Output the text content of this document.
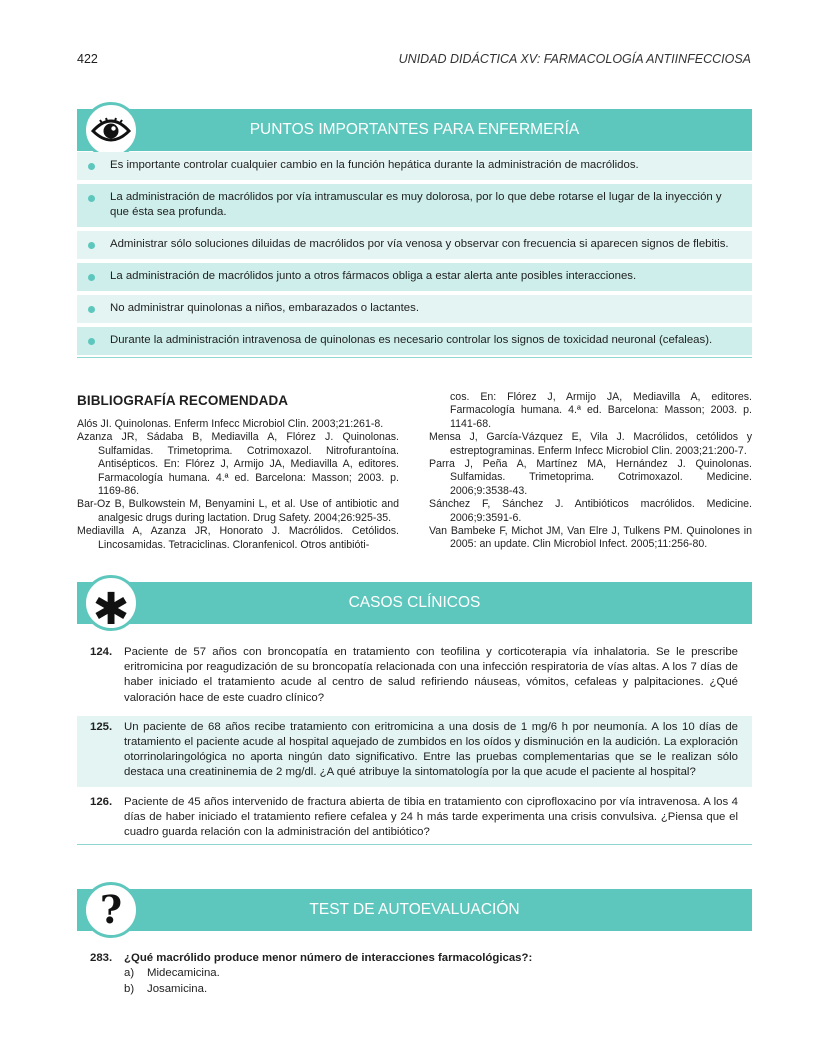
422	UNIDAD DIDÁCTICA XV: FARMACOLOGÍA ANTIINFECCIOSA
PUNTOS IMPORTANTES PARA ENFERMERÍA
Es importante controlar cualquier cambio en la función hepática durante la administración de macrólidos.
La administración de macrólidos por vía intramuscular es muy dolorosa, por lo que debe rotarse el lugar de la inyección y que ésta sea profunda.
Administrar sólo soluciones diluidas de macrólidos por vía venosa y observar con frecuencia si aparecen signos de flebitis.
La administración de macrólidos junto a otros fármacos obliga a estar alerta ante posibles interacciones.
No administrar quinolonas a niños, embarazados o lactantes.
Durante la administración intravenosa de quinolonas es necesario controlar los signos de toxicidad neuronal (cefaleas).
BIBLIOGRAFÍA RECOMENDADA

Alós JI. Quinolonas. Enferm Infecc Microbiol Clin. 2003;21:261-8.

Azanza JR, Sádaba B, Mediavilla A, Flórez J. Quinolonas. Sulfamidas. Trimetoprima. Cotrimoxazol. Nitrofurantoína. Antisépticos. En: Flórez J, Armijo JA, Mediavilla A, editores. Farmacología humana. 4.ª ed. Barcelona: Masson; 2003. p. 1169-86.

Bar-Oz B, Bulkowstein M, Benyamini L, et al. Use of antibiotic and analgesic drugs during lactation. Drug Safety. 2004;26:925-35.

Mediavilla A, Azanza JR, Honorato J. Macrólidos. Cetólidos. Lincosamidas. Tetraciclinas. Cloranfenicol. Otros antibióti-

cos. En: Flórez J, Armijo JA, Mediavilla A, editores. Farmacología humana. 4.ª ed. Barcelona: Masson; 2003. p. 1141-68.

Mensa J, García-Vázquez E, Vila J. Macrólidos, cetólidos y estreptograminas. Enferm Infecc Microbiol Clin. 2003;21:200-7.

Parra J, Peña A, Martínez MA, Hernández J. Quinolonas. Sulfamidas. Trimetoprima. Cotrimoxazol. Medicine. 2006;9:3538-43.

Sánchez F, Sánchez J. Antibióticos macrólidos. Medicine. 2006;9:3591-6.

Van Bambeke F, Michot JM, Van Elre J, Tulkens PM. Quinolones in 2005: an update. Clin Microbiol Infect. 2005;11:256-80.

CASOS CLÍNICOS
✱
124. Paciente de 57 años con broncopatía en tratamiento con teofilina y corticoterapia vía inhalatoria. Se le prescribe eritromicina por reagudización de su broncopatía relacionada con una infección respiratoria de vías altas. A los 7 días de haber iniciado el tratamiento acude al centro de salud refiriendo náuseas, vómitos, cefaleas y palpitaciones. ¿Qué valoración hace de este cuadro clínico?
125. Un paciente de 68 años recibe tratamiento con eritromicina a una dosis de 1 mg/6 h por neumonía. A los 10 días de tratamiento el paciente acude al hospital aquejado de zumbidos en los oídos y disminución en la audición. La exploración otorrinolaringológica no aporta ningún dato significativo. Entre las pruebas complementarias que se le realizan sólo destaca una creatininemia de 2 mg/dl. ¿A qué atribuye la sintomatología por la que acude el paciente al hospital?
126. Paciente de 45 años intervenido de fractura abierta de tibia en tratamiento con ciprofloxacino por vía intravenosa. A los 4 días de haber iniciado el tratamiento refiere cefalea y 24 h más tarde experimenta una crisis convulsiva. ¿Piensa que el cuadro guarda relación con la administración del antibiótico?
TEST DE AUTOEVALUACIÓN
?
283. ¿Qué macrólido produce menor número de interacciones farmacológicas?:
a) Midecamicina.
b) Josamicina.
